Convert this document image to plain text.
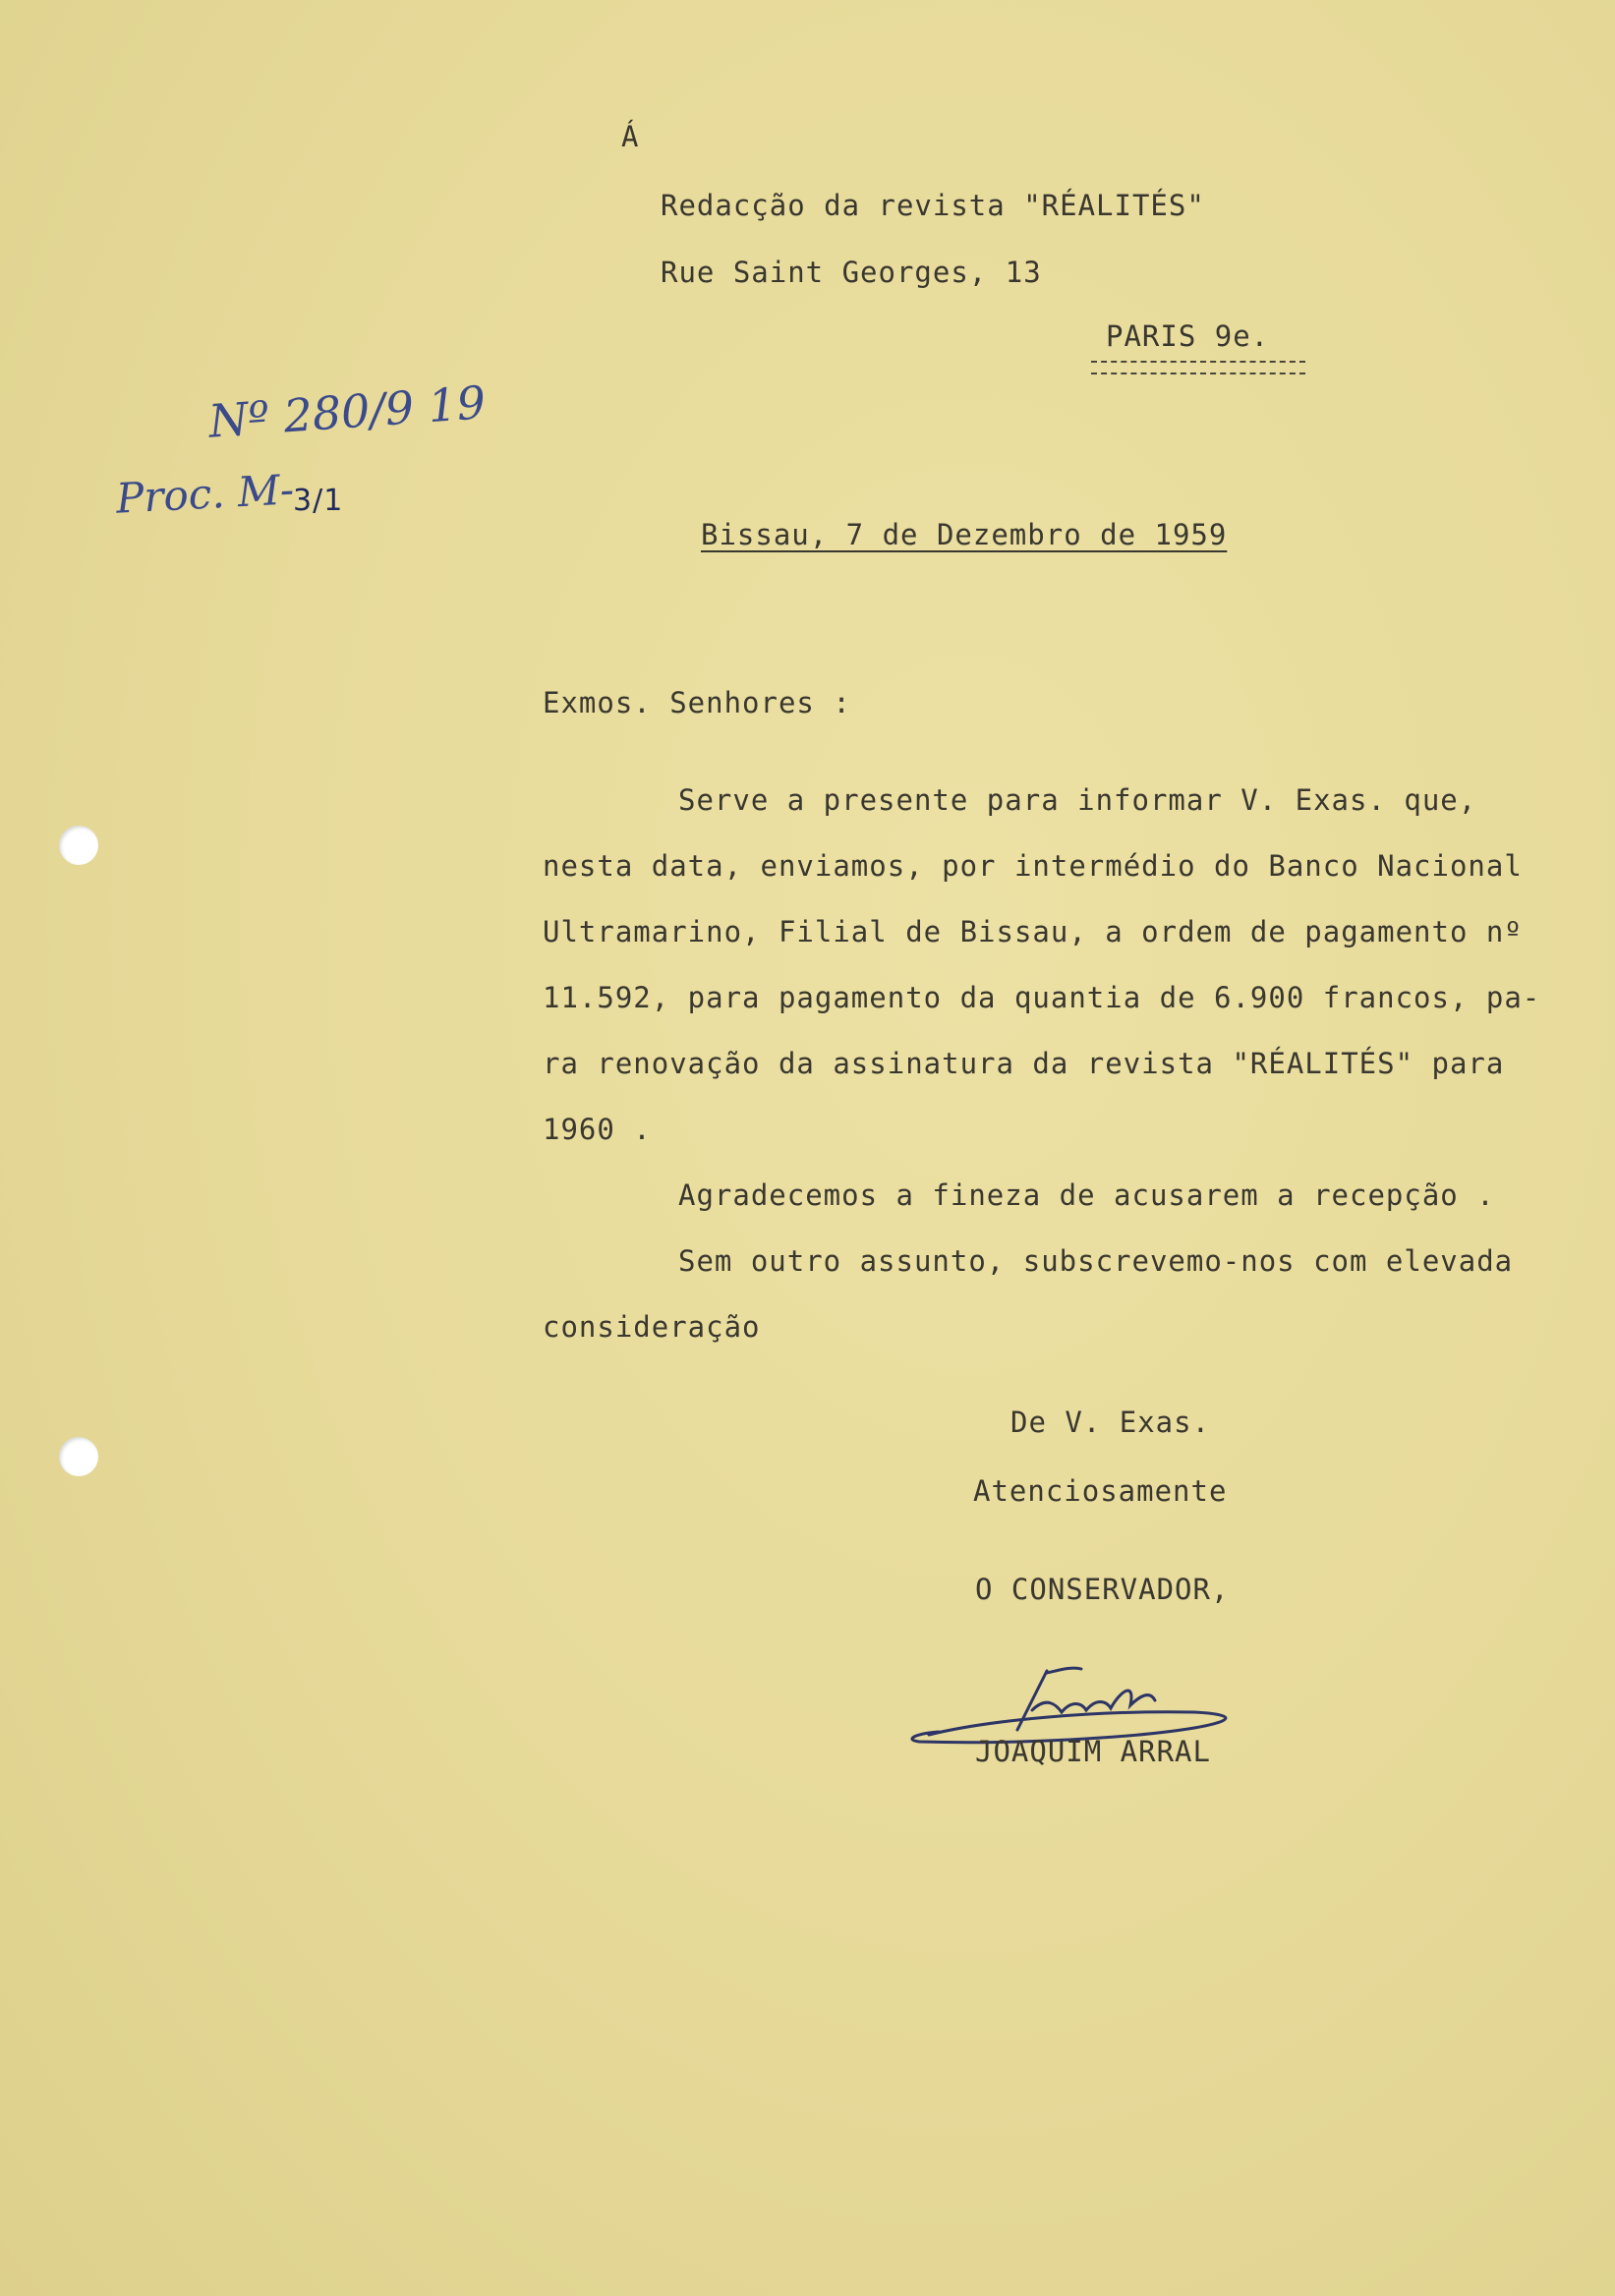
Á
Redacção da revista "RÉALITÉS"
Rue Saint Georges, 13
PARIS 9e.
Nº 280/9 19
Proc. M-
3/1
Bissau, 7 de Dezembro de 1959
Exmos. Senhores :
Serve a presente para informar V. Exas. que,
nesta data, enviamos, por intermédio do Banco Nacional
Ultramarino, Filial de Bissau, a ordem de pagamento nº
11.592, para pagamento da quantia de 6.900 francos, pa-
ra renovação da assinatura da revista "RÉALITÉS" para
1960 .
Agradecemos a fineza de acusarem a recepção .
Sem outro assunto, subscrevemo-nos com elevada
consideração
De V. Exas.
Atenciosamente
O CONSERVADOR,
JOAQUIM ARRAL
